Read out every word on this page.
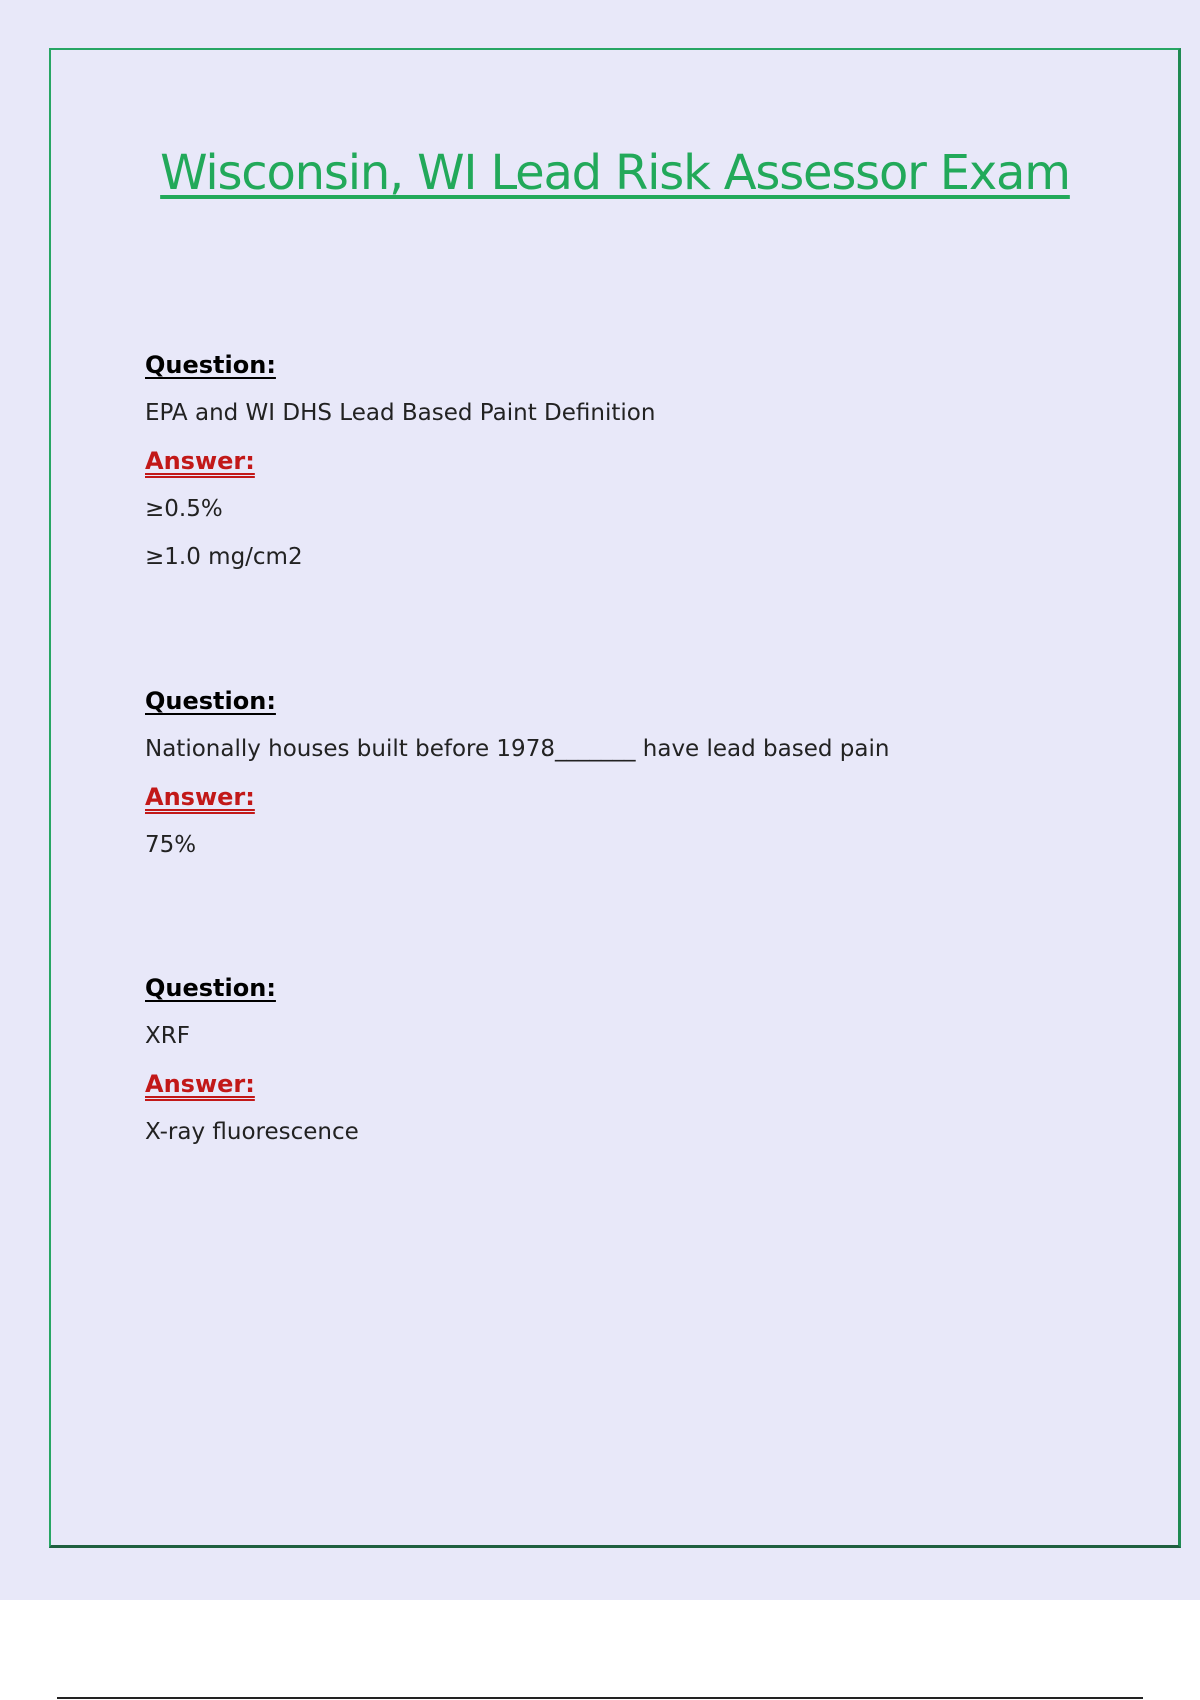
Wisconsin, WI Lead Risk Assessor Exam
Question:
EPA and WI DHS Lead Based Paint Definition
Answer:
≥0.5%
≥1.0 mg/cm2
Question:
Nationally houses built before 1978_______ have lead based pain
Answer:
75%
Question:
XRF
Answer:
X-ray fluorescence
